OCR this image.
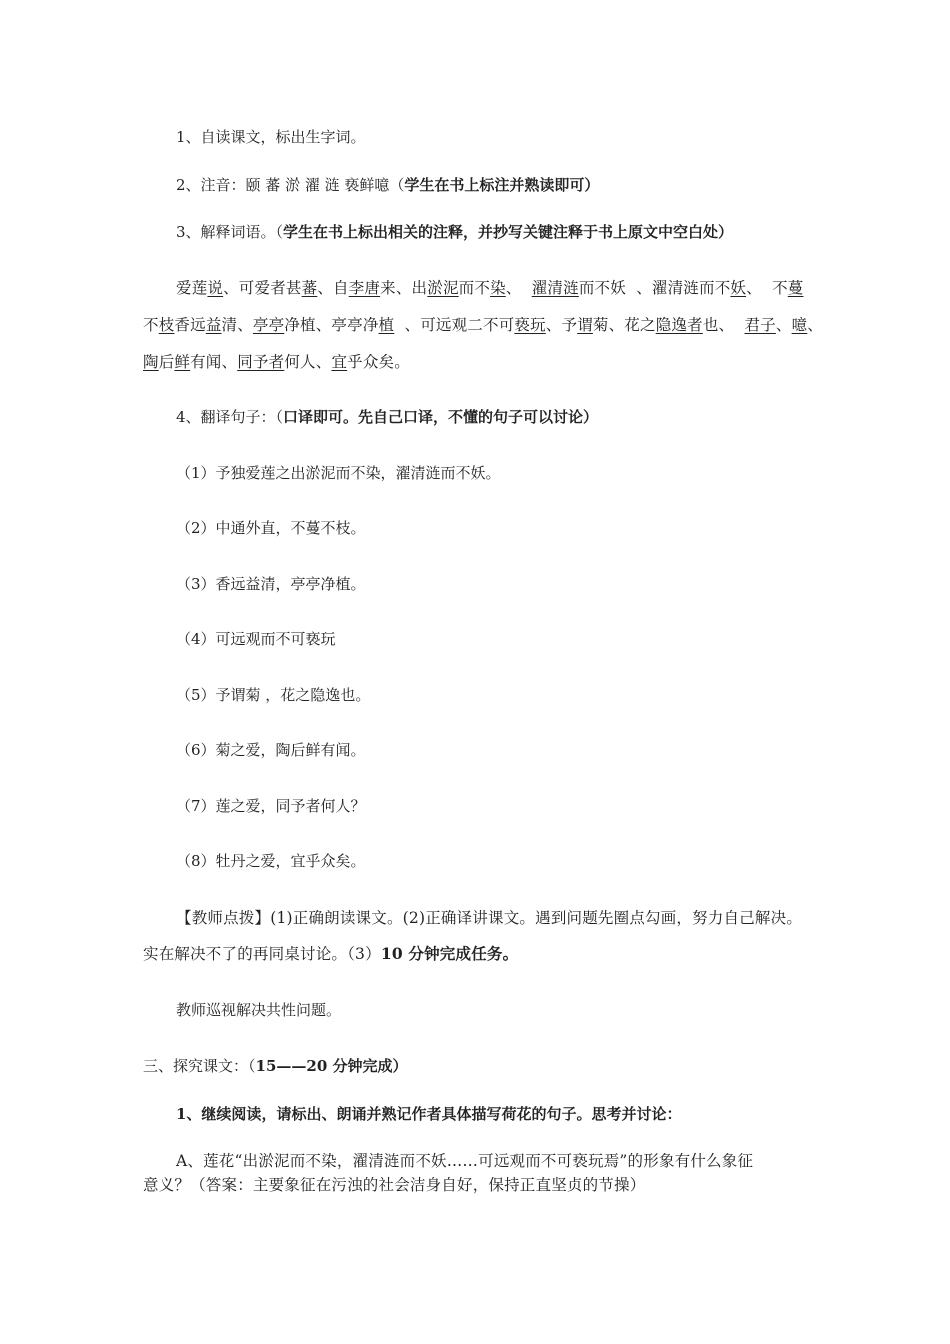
1、自读课文，标出生字词。
2、注音：颐 蕃 淤 濯 涟 亵鲜噫（学生在书上标注并熟读即可）
3、解释词语。（学生在书上标出相关的注释，并抄写关键注释于书上原文中空白处）
爱莲说、可爱者甚蕃、自李唐来、出淤泥而不染、  濯清涟而不妖  、濯清涟而不妖、  不蔓
不枝香远益清、亭亭净植、亭亭净植  、可远观二不可亵玩、予谓菊、花之隐逸者也、  君子、噫、
陶后鲜有闻、同予者何人、宜乎众矣。
4、翻译句子：（口译即可。先自己口译，不懂的句子可以讨论）
（1）予独爱莲之出淤泥而不染，濯清涟而不妖。
（2）中通外直，不蔓不枝。
（3）香远益清，亭亭净植。
（4）可远观而不可亵玩
（5）予谓菊 ，花之隐逸也。
（6）菊之爱，陶后鲜有闻。
（7）莲之爱，同予者何人？
（8）牡丹之爱，宜乎众矣。
【教师点拨】(1)正确朗读课文。(2)正确译讲课文。遇到问题先圈点勾画，努力自己解决。
实在解决不了的再同桌讨论。（3）10 分钟完成任务。
教师巡视解决共性问题。
三、探究课文：（15——20 分钟完成）
1、继续阅读，请标出、朗诵并熟记作者具体描写荷花的句子。思考并讨论：
A、莲花“出淤泥而不染，濯清涟而不妖……可远观而不可亵玩焉”的形象有什么象征
意义？（答案：主要象征在污浊的社会洁身自好，保持正直坚贞的节操）
